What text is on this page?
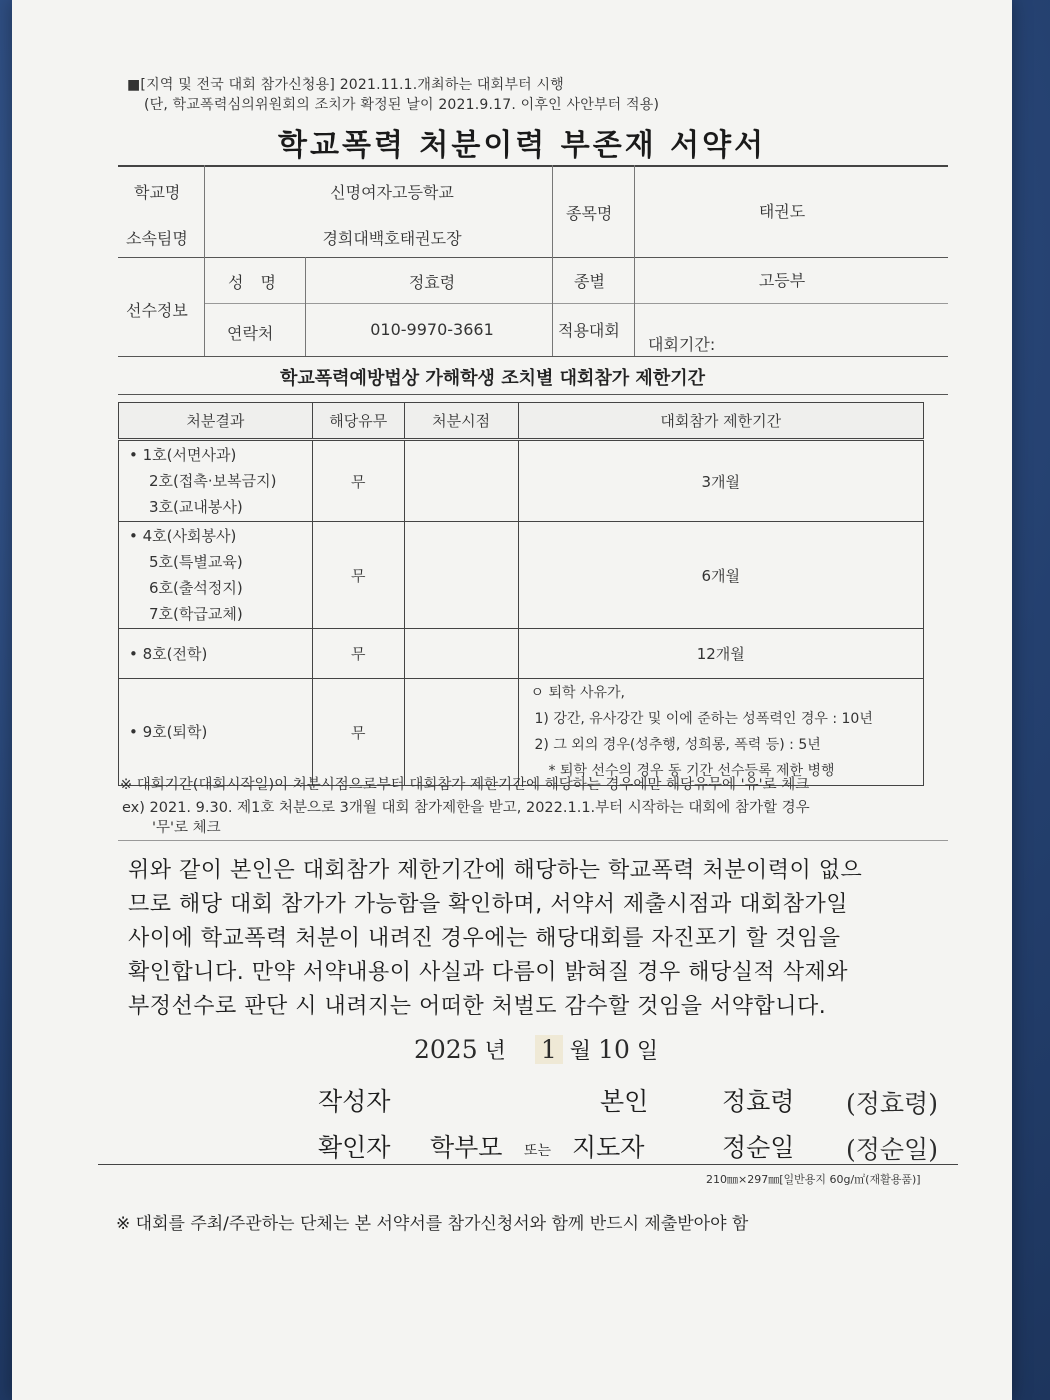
■[지역 및 전국 대회 참가신청용] 2021.11.1.개최하는 대회부터 시행
(단, 학교폭력심의위원회의 조치가 확정된 날이 2021.9.17. 이후인 사안부터 적용)
학교폭력 처분이력 부존재 서약서
학교명	신명여자고등학교
소속팀명	경희대백호태권도장
종목명	태권도
선수정보
성 명	정효령	종별	고등부
연락처	010-9970-3661	적용대회
대회기간:
학교폭력예방법상 가해학생 조치별 대회참가 제한기간
처분결과	해당유무	처분시점	대회참가 제한기간

• 1호(서면사과)
2호(접촉·보복금지)
3호(교내봉사)	무		3개월

• 4호(사회봉사)
5호(특별교육)
6호(출석정지)
7호(학급교체)	무		6개월

• 8호(전학)	무		12개월

• 9호(퇴학)	무		ㅇ 퇴학 사유가,
1) 강간, 유사강간 및 이에 준하는 성폭력인 경우 : 10년
2) 그 외의 경우(성추행, 성희롱, 폭력 등) : 5년
* 퇴학 선수의 경우 동 기간 선수등록 제한 병행
※ 대회기간(대회시작일)이 처분시점으로부터 대회참가 제한기간에 해당하는 경우에만 해당유무에 '유'로 체크
ex) 2021. 9.30. 제1호 처분으로 3개월 대회 참가제한을 받고, 2022.1.1.부터 시작하는 대회에 참가할 경우
'무'로 체크
위와 같이 본인은 대회참가 제한기간에 해당하는 학교폭력 처분이력이 없으
므로 해당 대회 참가가 가능함을 확인하며, 서약서 제출시점과 대회참가일
사이에 학교폭력 처분이 내려진 경우에는 해당대회를 자진포기 할 것임을
확인합니다. 만약 서약내용이 사실과 다름이 밝혀질 경우 해당실적 삭제와
부정선수로 판단 시 내려지는 어떠한 처벌도 감수할 것임을 서약합니다.
2025 년 1 월 10 일
작성자	본인	정효령 (정효령)
확인자 학부모 또는 지도자	정순일 (정순일)
210㎜×297㎜[일반용지 60g/㎡(재활용품)]
※ 대회를 주최/주관하는 단체는 본 서약서를 참가신청서와 함께 반드시 제출받아야 함
